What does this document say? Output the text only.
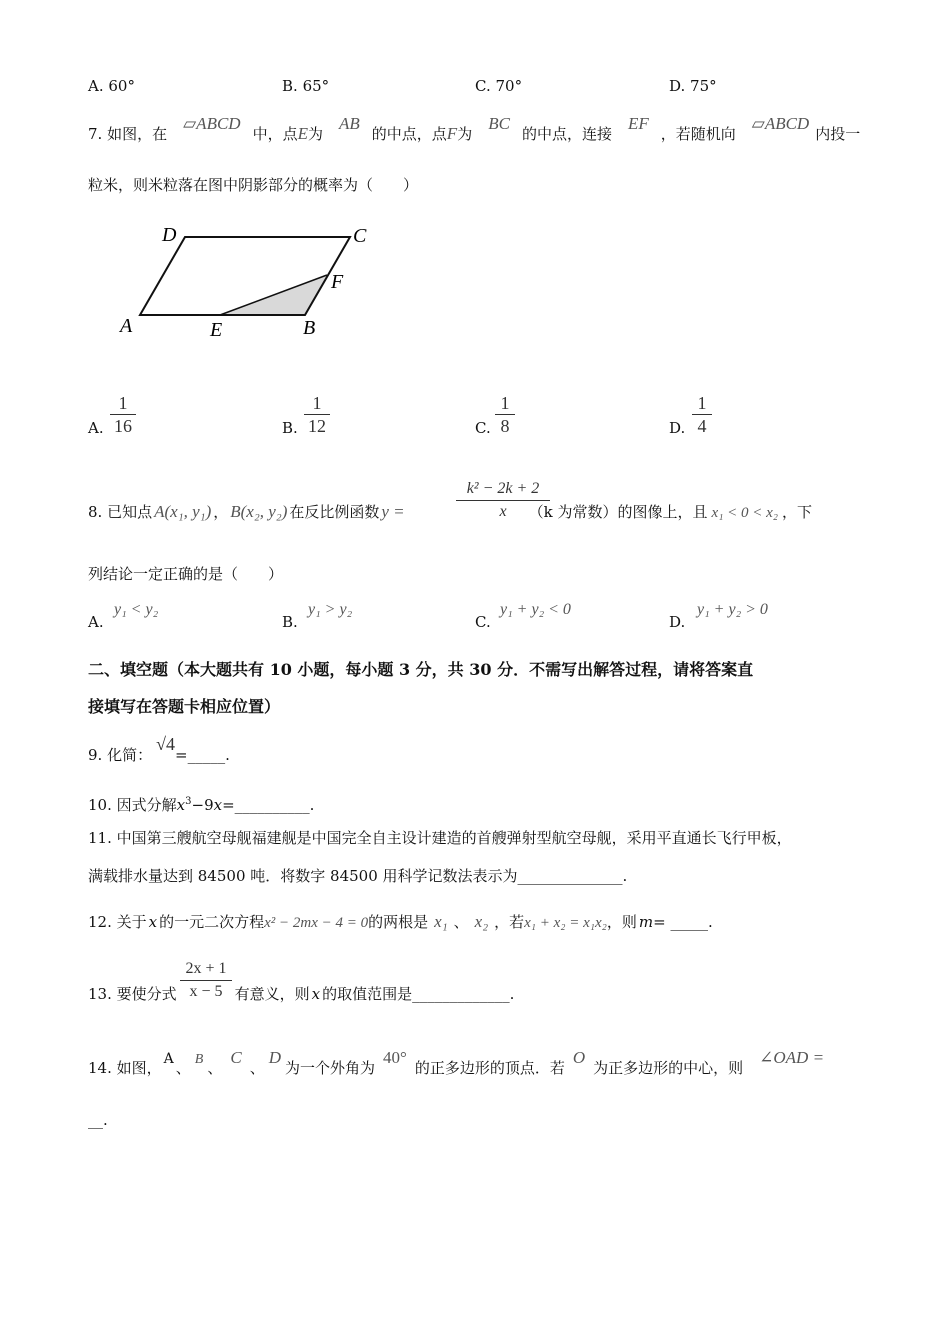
A. 60°	B. 65°	C. 70°	D. 75°
7. 如图，在▱ABCD中，点E为AB的中点，点F为BC的中点，连接EF，若随机向▱ABCD内投一
粒米，则米粒落在图中阴影部分的概率为（　　）
D	C
F
A	E	B
A.
1
16	B.
1
12	C.
1
8	D.
1
4
8. 已知点 A(x₁, y₁) ， B(x₂, y₂) 在反比例函数 y =	（k 为常数）的图像上，且 x₁ < 0 < x₂ ，下
k² − 2k + 2
x
列结论一定正确的是（　　）
A.
y₁ < y₂
B.
y₁ > y₂
C.
y₁ + y₂ < 0
D.
y₁ + y₂ > 0
二、填空题（本大题共有 10 小题，每小题 3 分，共 30 分．不需写出解答过程，请将答案直
接填写在答题卡相应位置）
9. 化简：√4=_____.
10. 因式分解$x^3-9x=\_\_\_\_\_\_\_\_\_\_$.
11. 中国第三艘航空母舰福建舰是中国完全自主设计建造的首艘弹射型航空母舰，采用平直通长飞行甲板，
满载排水量达到 84500 吨．将数字 84500 用科学记数法表示为______________.
12. 关于 x 的一元二次方程x² − 2mx − 4 = 0的两根是 x₁ 、 x₂ ，若x₁ + x₂ = x₁x₂，则 m= _____.
2x + 1
x − 5
13. 要使分式	有意义，则 x 的取值范围是_____________.
14. 如图， A 、 B 、C、D为一个外角为40°的正多边形的顶点．若O为正多边形的中心，则∠OAD =
__.
